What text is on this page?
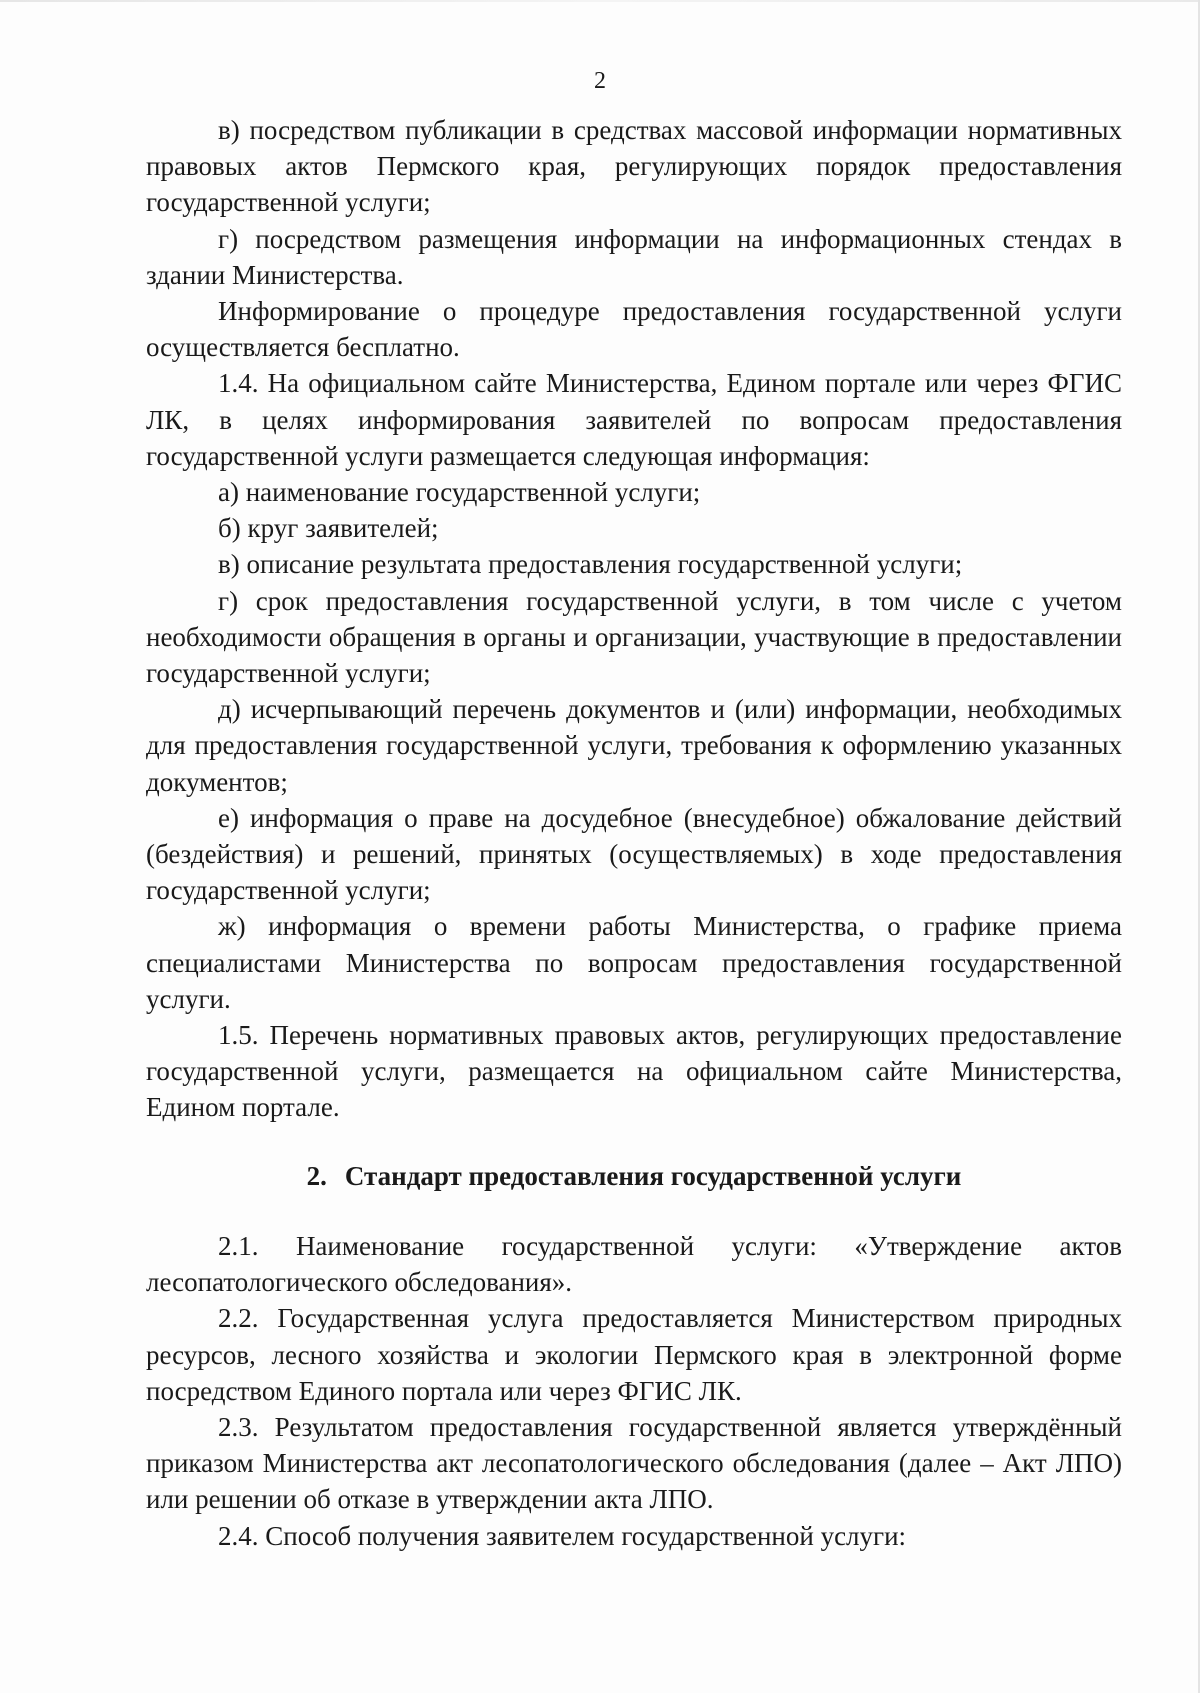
2

в) посредством публикации в средствах массовой информации нормативных правовых актов Пермского края, регулирующих порядок предоставления государственной услуги;

г) посредством размещения информации на информационных стендах в здании Министерства.

Информирование о процедуре предоставления государственной услуги осуществляется бесплатно.

1.4. На официальном сайте Министерства, Едином портале или через ФГИС ЛК, в целях информирования заявителей по вопросам предоставления государственной услуги размещается следующая информация:

а) наименование государственной услуги;

б) круг заявителей;

в) описание результата предоставления государственной услуги;

г) срок предоставления государственной услуги, в том числе с учетом необходимости обращения в органы и организации, участвующие в предоставлении государственной услуги;

д) исчерпывающий перечень документов и (или) информации, необходимых для предоставления государственной услуги, требования к оформлению указанных документов;

е) информация о праве на досудебное (внесудебное) обжалование действий (бездействия) и решений, принятых (осуществляемых) в ходе предоставления государственной услуги;

ж) информация о времени работы Министерства, о графике приема специалистами Министерства по вопросам предоставления государственной услуги.

1.5. Перечень нормативных правовых актов, регулирующих предоставление государственной услуги, размещается на официальном сайте Министерства, Едином портале.

2. Стандарт предоставления государственной услуги

2.1. Наименование государственной услуги: «Утверждение актов лесопатологического обследования».

2.2. Государственная услуга предоставляется Министерством природных ресурсов, лесного хозяйства и экологии Пермского края в электронной форме посредством Единого портала или через ФГИС ЛК.

2.3. Результатом предоставления государственной является утверждённый приказом Министерства акт лесопатологического обследования (далее – Акт ЛПО) или решении об отказе в утверждении акта ЛПО.

2.4. Способ получения заявителем государственной услуги:
